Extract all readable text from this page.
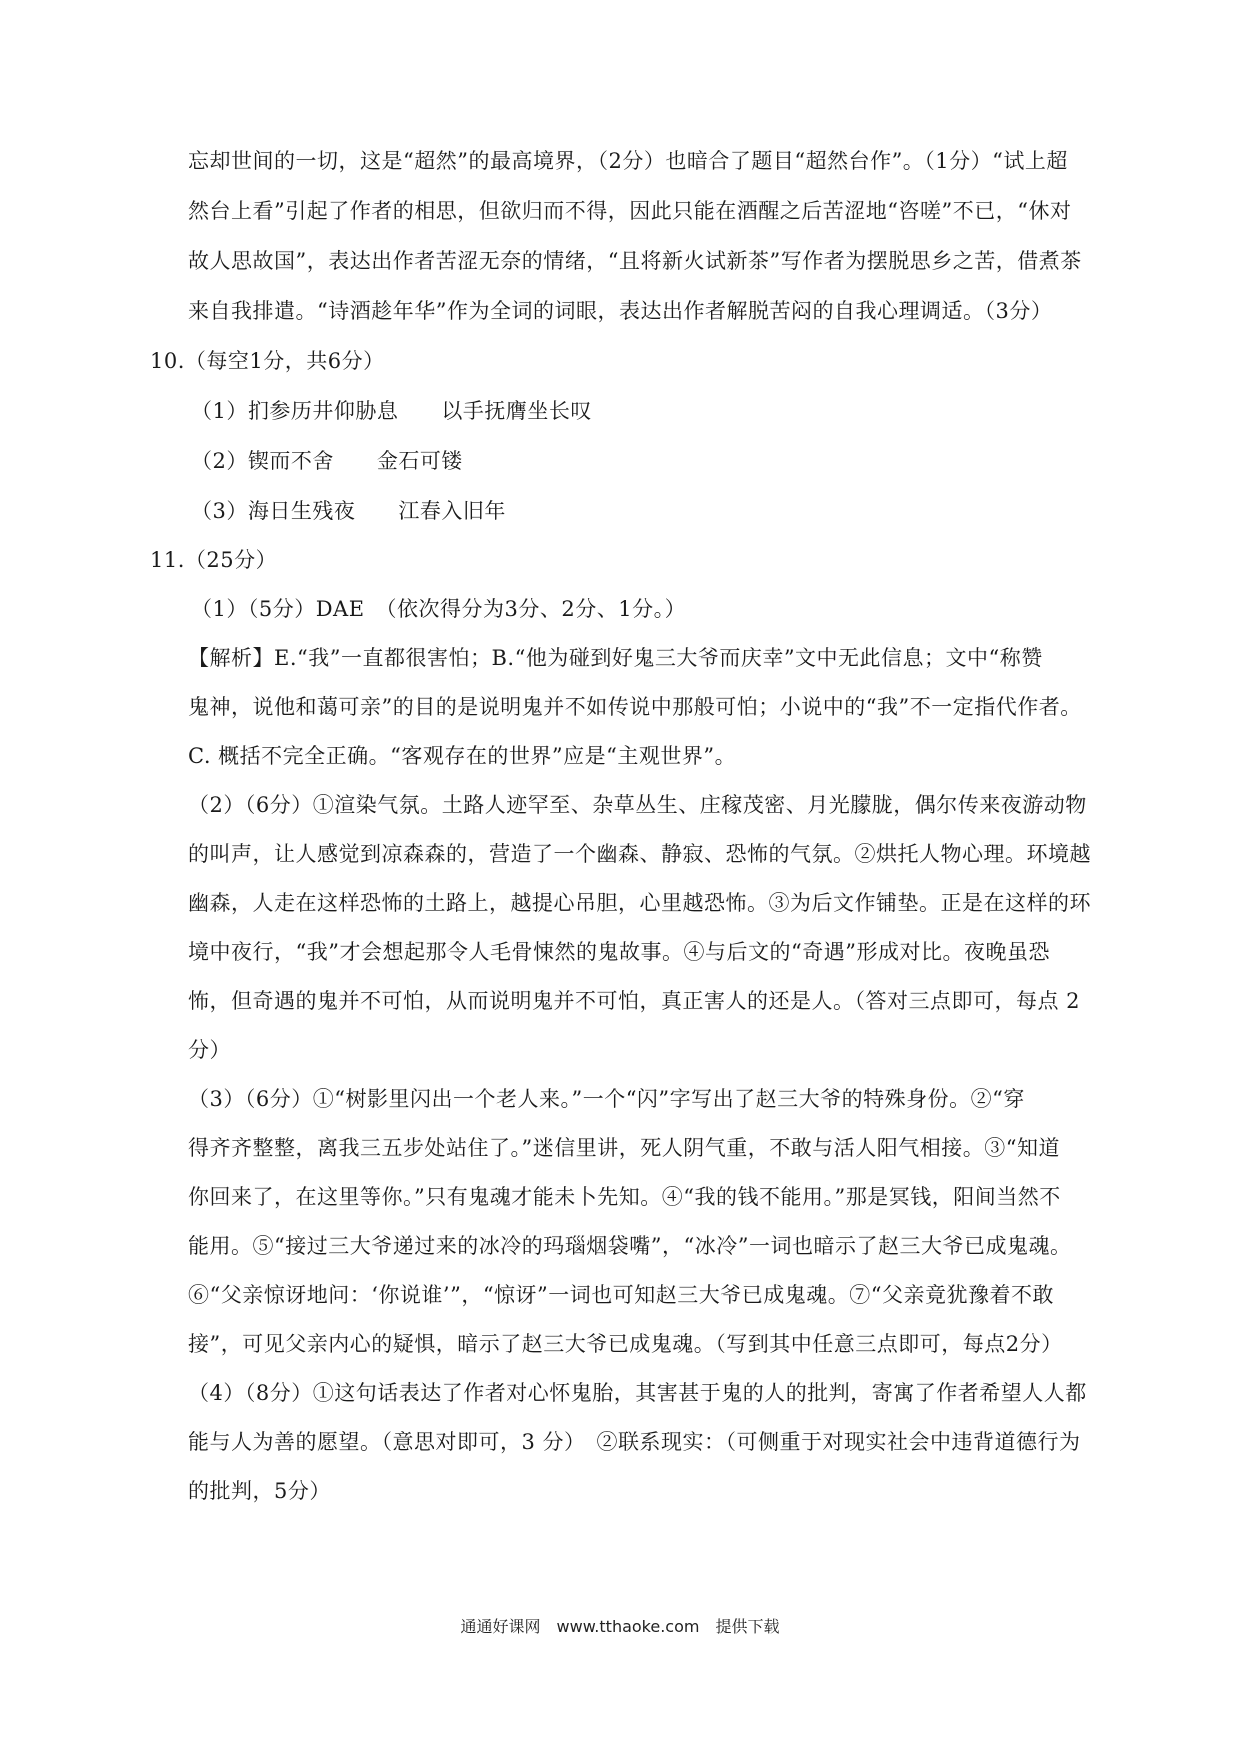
忘却世间的一切，这是“超然”的最高境界，（2分）也暗合了题目“超然台作”。（1分）“试上超
然台上看”引起了作者的相思，但欲归而不得，因此只能在酒醒之后苦涩地“咨嗟”不已，“休对
故人思故国”，表达出作者苦涩无奈的情绪，“且将新火试新茶”写作者为摆脱思乡之苦，借煮茶
来自我排遣。“诗酒趁年华”作为全词的词眼，表达出作者解脱苦闷的自我心理调适。（3分）
10.（每空1分，共6分）
（1）扪参历井仰胁息　　以手抚膺坐长叹
（2）锲而不舍　　金石可镂
（3）海日生残夜　　江春入旧年
11.（25分）
（1）（5分）DAE　（依次得分为3分、2分、1分。）
【解析】E.“我”一直都很害怕；B.“他为碰到好鬼三大爷而庆幸”文中无此信息；文中“称赞
鬼神，说他和蔼可亲”的目的是说明鬼并不如传说中那般可怕；小说中的“我”不一定指代作者。
C. 概括不完全正确。“客观存在的世界”应是“主观世界”。
（2）（6分）①渲染气氛。土路人迹罕至、杂草丛生、庄稼茂密、月光朦胧，偶尔传来夜游动物
的叫声，让人感觉到凉森森的，营造了一个幽森、静寂、恐怖的气氛。②烘托人物心理。环境越
幽森，人走在这样恐怖的土路上，越提心吊胆，心里越恐怖。③为后文作铺垫。正是在这样的环
境中夜行，“我”才会想起那令人毛骨悚然的鬼故事。④与后文的“奇遇”形成对比。夜晚虽恐
怖，但奇遇的鬼并不可怕，从而说明鬼并不可怕，真正害人的还是人。（答对三点即可，每点 2
分）
（3）（6分）①“树影里闪出一个老人来。”一个“闪”字写出了赵三大爷的特殊身份。②“穿
得齐齐整整，离我三五步处站住了。”迷信里讲，死人阴气重，不敢与活人阳气相接。③“知道
你回来了，在这里等你。”只有鬼魂才能未卜先知。④“我的钱不能用。”那是冥钱，阳间当然不
能用。⑤“接过三大爷递过来的冰冷的玛瑙烟袋嘴”，“冰冷”一词也暗示了赵三大爷已成鬼魂。
⑥“父亲惊讶地问：‘你说谁’”，“惊讶”一词也可知赵三大爷已成鬼魂。⑦“父亲竟犹豫着不敢
接”，可见父亲内心的疑惧，暗示了赵三大爷已成鬼魂。（写到其中任意三点即可，每点2分）
（4）（8分）①这句话表达了作者对心怀鬼胎，其害甚于鬼的人的批判，寄寓了作者希望人人都
能与人为善的愿望。（意思对即可，3 分）　②联系现实：（可侧重于对现实社会中违背道德行为
的批判，5分）
通通好课网　www.tthaoke.com　提供下载
